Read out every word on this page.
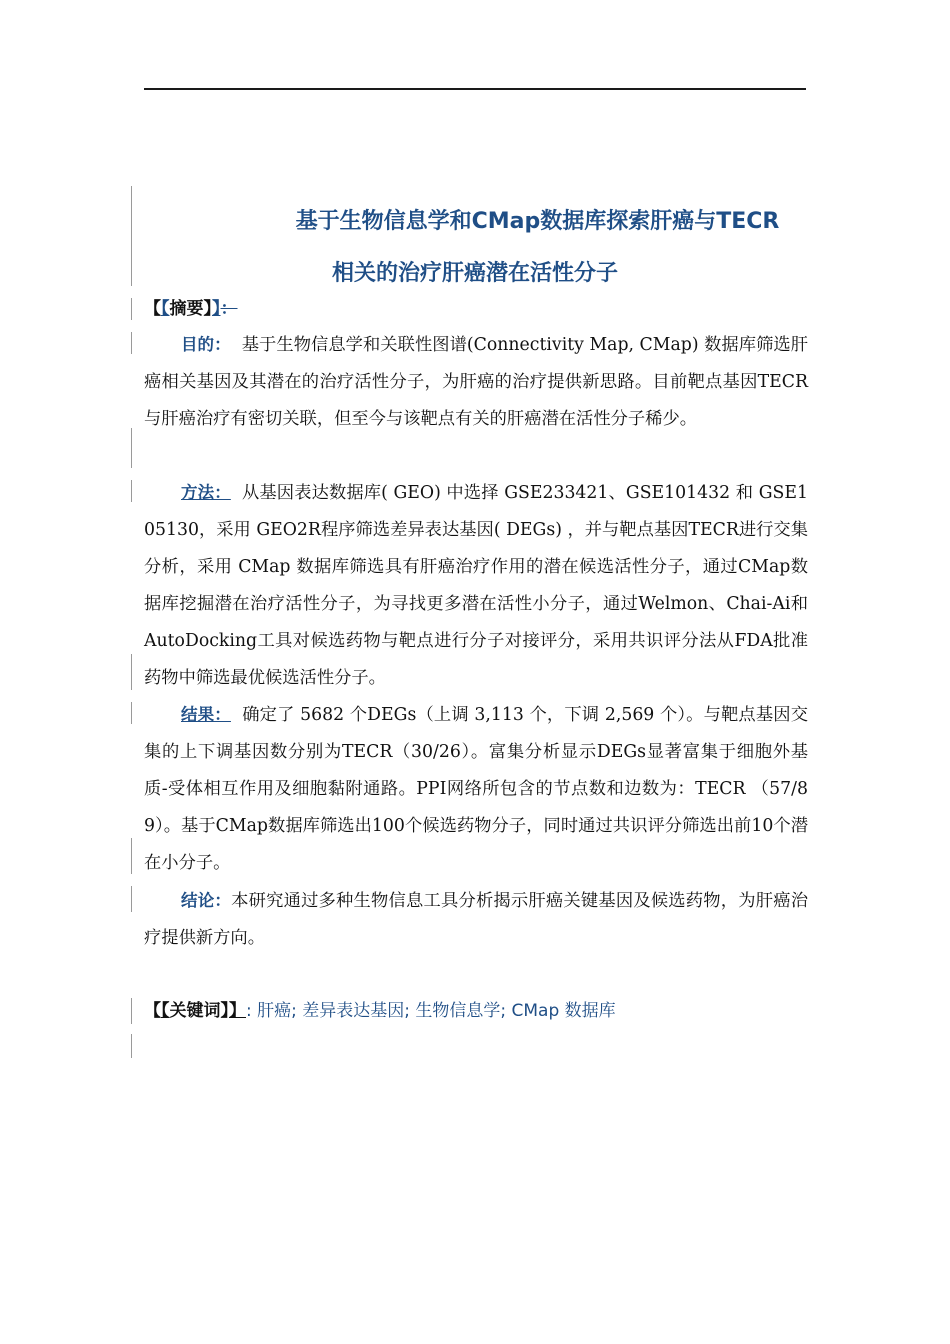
基于生物信息学和CMap数据库探索肝癌与TECR
相关的治疗肝癌潜在活性分子
【【摘要】】：

目的： 基于生物信息学和关联性图谱(Connectivity Map, CMap) 数据库筛选肝癌相关基因及其潜在的治疗活性分子，为肝癌的治疗提供新思路。目前靶点基因TECR与肝癌治疗有密切关联，但至今与该靶点有关的肝癌潜在活性分子稀少。

方法： 从基因表达数据库( GEO) 中选择 GSE233421、GSE101432 和 GSE105130，采用 GEO2R程序筛选差异表达基因( DEGs) ，并与靶点基因TECR进行交集分析，采用 CMap 数据库筛选具有肝癌治疗作用的潜在候选活性分子，通过CMap数据库挖掘潜在治疗活性分子，为寻找更多潜在活性小分子，通过Welmon、Chai-Ai和AutoDocking工具对候选药物与靶点进行分子对接评分，采用共识评分法从FDA批准药物中筛选最优候选活性分子。

结果： 确定了 5682 个DEGs（上调 3,113 个，下调 2,569 个）。与靶点基因交集的上下调基因数分别为TECR（30/26）。富集分析显示DEGs显著富集于细胞外基质-受体相互作用及细胞黏附通路。PPI网络所包含的节点数和边数为：TECR （57/89）。基于CMap数据库筛选出100个候选药物分子，同时通过共识评分筛选出前10个潜在小分子。

结论：本研究通过多种生物信息工具分析揭示肝癌关键基因及候选药物，为肝癌治疗提供新方向。

【【关键词】】: 肝癌; 差异表达基因; 生物信息学; CMap 数据库
